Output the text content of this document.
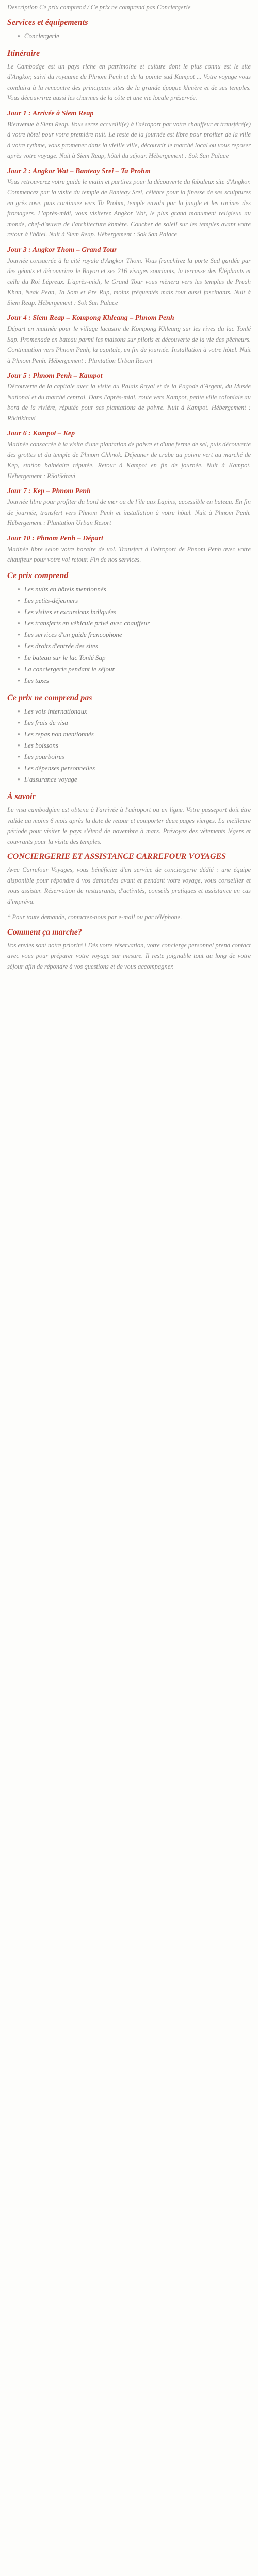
Description Ce prix comprend / Ce prix ne comprend pas Conciergerie
Services et équipements
● Conciergerie
Itinéraire

Le Cambodge est un pays riche en patrimoine et culture dont le plus connu est le site d'Angkor, suivi du royaume de Phnom Penh et de la pointe sud Kampot ... Votre voyage vous conduira à la rencontre des principaux sites de la grande époque khmère et de ses temples. Vous découvrirez aussi les charmes de la côte et une vie locale préservée.

Jour 1 : Arrivée à Siem Reap

Bienvenue à Siem Reap. Vous serez accueilli(e) à l'aéroport par votre chauffeur et transféré(e) à votre hôtel pour votre première nuit. Le reste de la journée est libre pour profiter de la ville à votre rythme, vous promener dans la vieille ville, découvrir le marché local ou vous reposer après votre voyage. Nuit à Siem Reap, hôtel du séjour. Hébergement : Sok San Palace

Jour 2 : Angkor Wat – Banteay Srei – Ta Prohm

Vous retrouverez votre guide le matin et partirez pour la découverte du fabuleux site d'Angkor. Commencez par la visite du temple de Banteay Srei, célèbre pour la finesse de ses sculptures en grès rose, puis continuez vers Ta Prohm, temple envahi par la jungle et les racines des fromagers. L'après-midi, vous visiterez Angkor Wat, le plus grand monument religieux au monde, chef-d'œuvre de l'architecture khmère. Coucher de soleil sur les temples avant votre retour à l'hôtel. Nuit à Siem Reap. Hébergement : Sok San Palace

Jour 3 : Angkor Thom – Grand Tour

Journée consacrée à la cité royale d'Angkor Thom. Vous franchirez la porte Sud gardée par des géants et découvrirez le Bayon et ses 216 visages souriants, la terrasse des Éléphants et celle du Roi Lépreux. L'après-midi, le Grand Tour vous mènera vers les temples de Preah Khan, Neak Pean, Ta Som et Pre Rup, moins fréquentés mais tout aussi fascinants. Nuit à Siem Reap. Hébergement : Sok San Palace

Jour 4 : Siem Reap – Kompong Khleang – Phnom Penh

Départ en matinée pour le village lacustre de Kompong Khleang sur les rives du lac Tonlé Sap. Promenade en bateau parmi les maisons sur pilotis et découverte de la vie des pêcheurs. Continuation vers Phnom Penh, la capitale, en fin de journée. Installation à votre hôtel. Nuit à Phnom Penh. Hébergement : Plantation Urban Resort

Jour 5 : Phnom Penh – Kampot

Découverte de la capitale avec la visite du Palais Royal et de la Pagode d'Argent, du Musée National et du marché central. Dans l'après-midi, route vers Kampot, petite ville coloniale au bord de la rivière, réputée pour ses plantations de poivre. Nuit à Kampot. Hébergement : Rikitikitavi

Jour 6 : Kampot – Kep

Matinée consacrée à la visite d'une plantation de poivre et d'une ferme de sel, puis découverte des grottes et du temple de Phnom Chhnok. Déjeuner de crabe au poivre vert au marché de Kep, station balnéaire réputée. Retour à Kampot en fin de journée. Nuit à Kampot. Hébergement : Rikitikitavi

Jour 7 : Kep – Phnom Penh

Journée libre pour profiter du bord de mer ou de l'île aux Lapins, accessible en bateau. En fin de journée, transfert vers Phnom Penh et installation à votre hôtel. Nuit à Phnom Penh. Hébergement : Plantation Urban Resort

Jour 10 : Phnom Penh – Départ

Matinée libre selon votre horaire de vol. Transfert à l'aéroport de Phnom Penh avec votre chauffeur pour votre vol retour. Fin de nos services.

Ce prix comprend
● Les nuits en hôtels mentionnés
● Les petits-déjeuners
● Les visites et excursions indiquées
● Les transferts en véhicule privé avec chauffeur
● Les services d'un guide francophone
● Les droits d'entrée des sites
● Le bateau sur le lac Tonlé Sap
● La conciergerie pendant le séjour
● Les taxes
Ce prix ne comprend pas
● Les vols internationaux
● Les frais de visa
● Les repas non mentionnés
● Les boissons
● Les pourboires
● Les dépenses personnelles
● L'assurance voyage
À savoir

Le visa cambodgien est obtenu à l'arrivée à l'aéroport ou en ligne. Votre passeport doit être valide au moins 6 mois après la date de retour et comporter deux pages vierges. La meilleure période pour visiter le pays s'étend de novembre à mars. Prévoyez des vêtements légers et couvrants pour la visite des temples.

CONCIERGERIE ET ASSISTANCE CARREFOUR VOYAGES

Avec Carrefour Voyages, vous bénéficiez d'un service de conciergerie dédié : une équipe disponible pour répondre à vos demandes avant et pendant votre voyage, vous conseiller et vous assister. Réservation de restaurants, d'activités, conseils pratiques et assistance en cas d'imprévu.

* Pour toute demande, contactez-nous par e-mail ou par téléphone.

Comment ça marche?

Vos envies sont notre priorité ! Dès votre réservation, votre concierge personnel prend contact avec vous pour préparer votre voyage sur mesure. Il reste joignable tout au long de votre séjour afin de répondre à vos questions et de vous accompagner.
